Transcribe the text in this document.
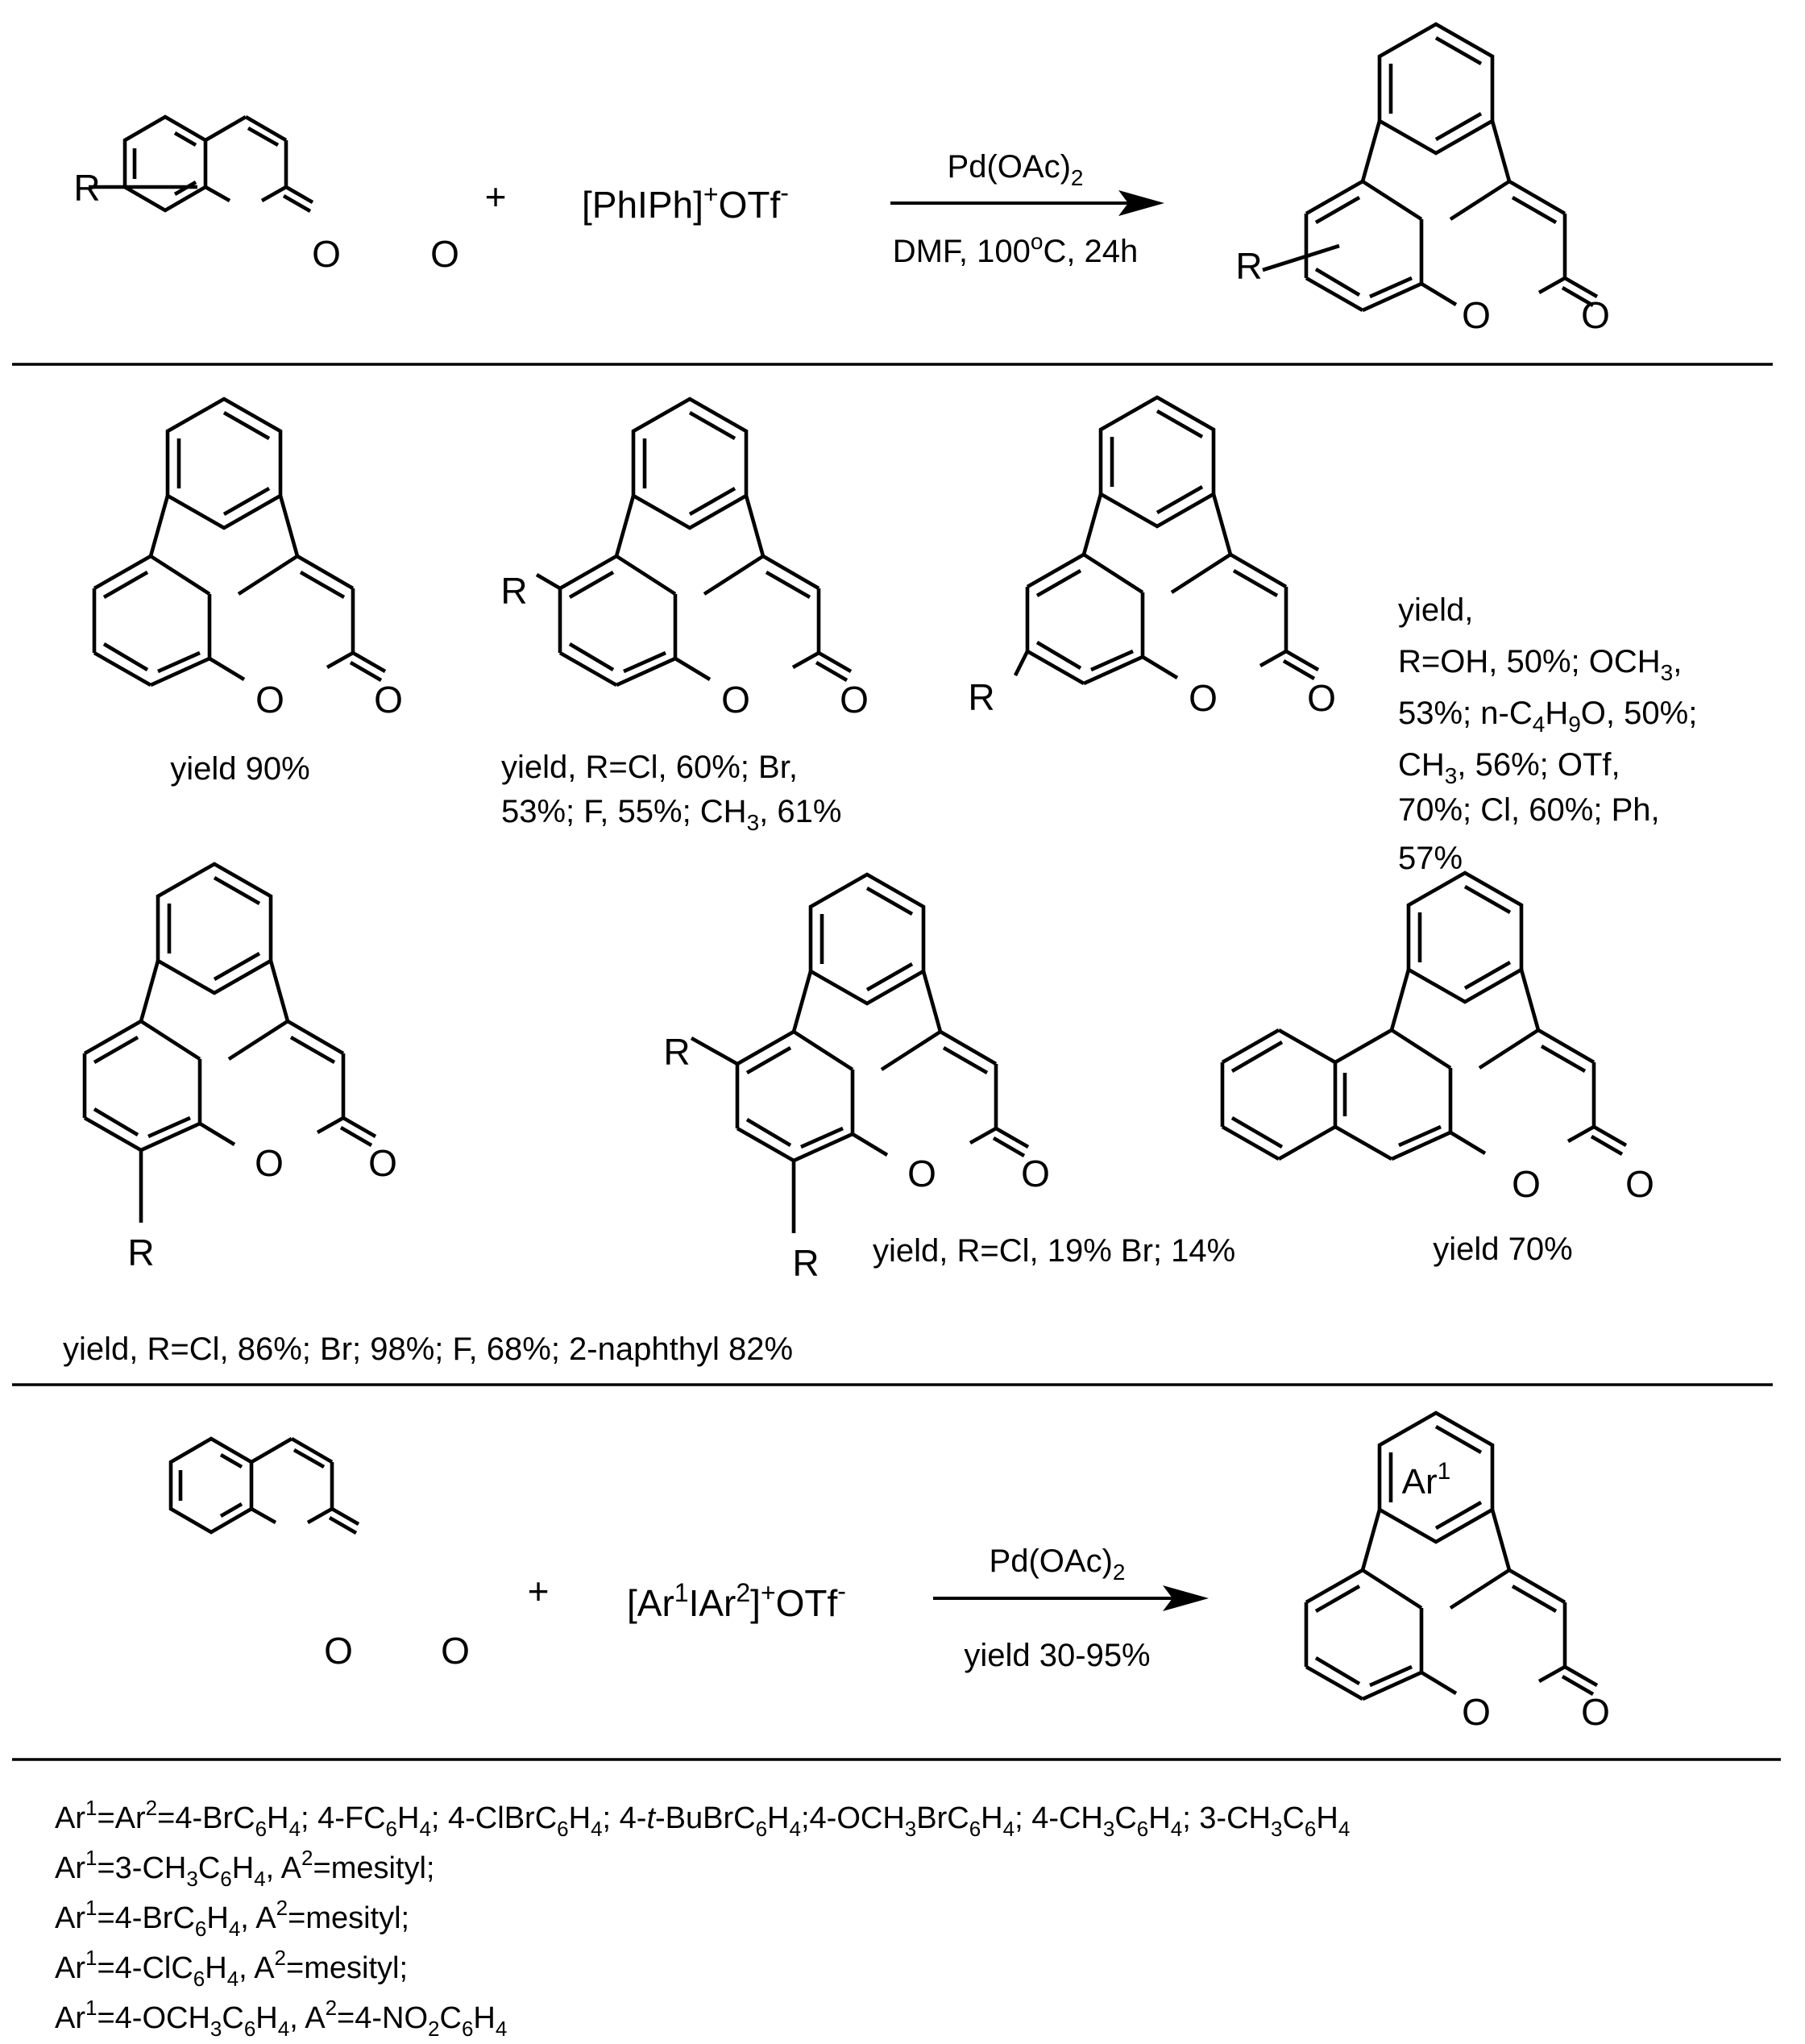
R
O O
+ [PhIPh]+OTf-
$Pd(OAc)_2$
DMF, 100$^o$C, 24h	R
O O
O O
yield 90%
R
O O
yield, R=Cl, 60%; Br,
53%; F, 55%; $CH_3$, 61%
R	O O
yield,
R=OH, 50%; $OCH_3$,
53%; $n-C_4H_9O$, 50%;
$CH_3$, 56%; OTf,
70%; Cl, 60%; Ph,
57%
R
O O
yield, R=Cl, 86%; Br; 98%; F, 68%; 2-naphthyl 82%
R
R
O O
yield, R=Cl, 19% Br; 14%
O O
yield 70%
O O
+ $[Ar^1IAr^2]^+OTf^-$
$Pd(OAc)_2$
yield 30-95%
Ar$^1$
O O
$Ar^1=Ar^2=4-BrC_6H_4$; $4-FC_6H_4$; $4-ClBrC_6H_4$; $4-t-BuBrC_6H_4;4-OCH_3BrC_6H_4$; $4-CH_3C_6H_4$; $3-CH_3C_6H_4$
$Ar^1=3-CH_3C_6H_4$, $A^2=mesityl$;
$Ar^1=4-BrC_6H_4$, $A^2=mesityl$;
$Ar^1=4-ClC_6H_4$, $A^2=mesityl$;
$Ar^1=4-OCH_3C_6H_4$, $A^2=4-NO_2C_6H_4$
